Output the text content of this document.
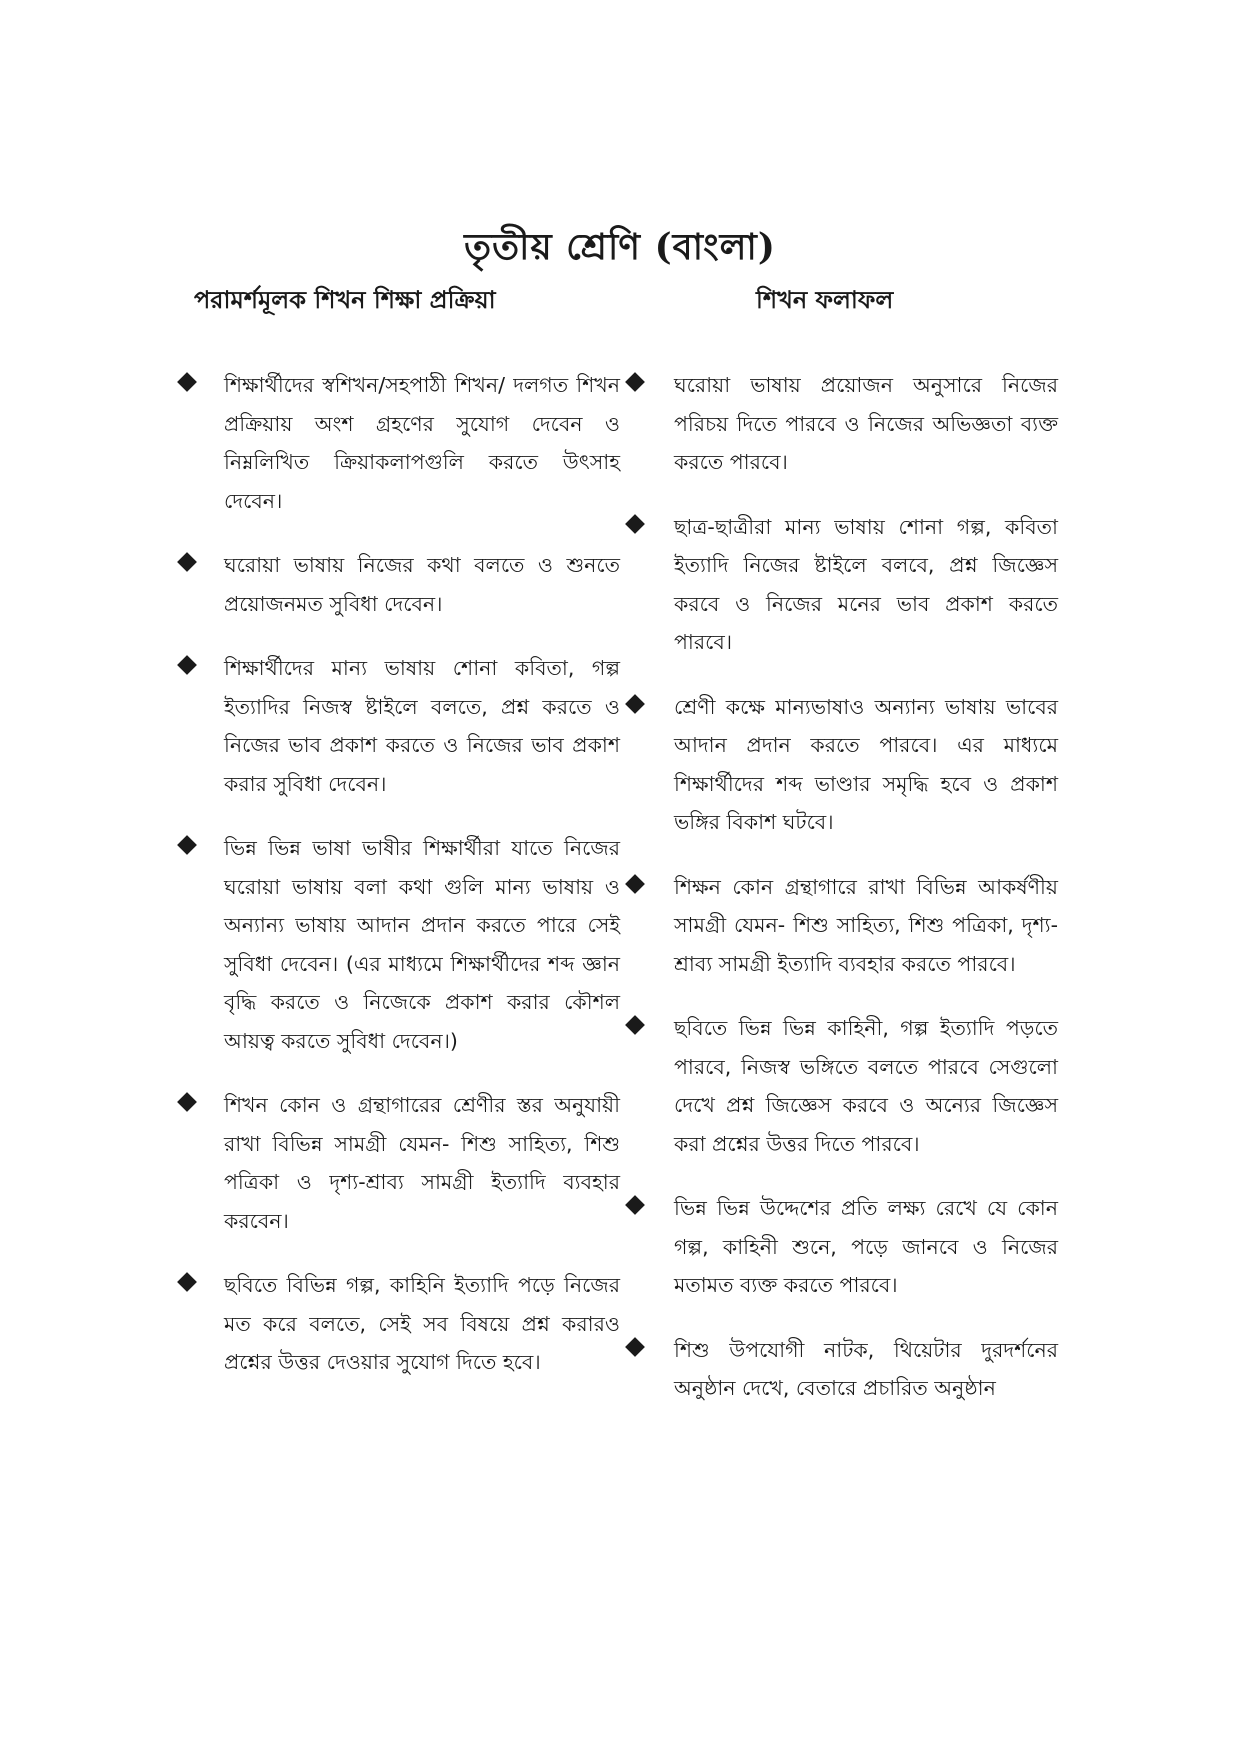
তৃতীয় শ্রেণি (বাংলা)
পরামর্শমূলক শিখন শিক্ষা প্রক্রিয়া
শিক্ষার্থীদের স্বশিখন/সহপাঠী শিখন/ দলগত শিখন প্রক্রিয়ায় অংশ গ্রহণের সুযোগ দেবেন ও নিম্নলিখিত ক্রিয়াকলাপগুলি করতে উৎসাহ দেবেন।
ঘরোয়া ভাষায় নিজের কথা বলতে ও শুনতে প্রয়োজনমত সুবিধা দেবেন।
শিক্ষার্থীদের মান্য ভাষায় শোনা কবিতা, গল্প ইত্যাদির নিজস্ব ষ্টাইলে বলতে, প্রশ্ন করতে ও নিজের ভাব প্রকাশ করতে ও নিজের ভাব প্রকাশ করার সুবিধা দেবেন।
ভিন্ন ভিন্ন ভাষা ভাষীর শিক্ষার্থীরা যাতে নিজের ঘরোয়া ভাষায় বলা কথা গুলি মান্য ভাষায় ও অন্যান্য ভাষায় আদান প্রদান করতে পারে সেই সুবিধা দেবেন। (এর মাধ্যমে শিক্ষার্থীদের শব্দ জ্ঞান বৃদ্ধি করতে ও নিজেকে প্রকাশ করার কৌশল আয়ত্ব করতে সুবিধা দেবেন।)
শিখন কোন ও গ্রন্থাগারের শ্রেণীর স্তর অনুযায়ী রাখা বিভিন্ন সামগ্রী যেমন- শিশু সাহিত্য, শিশু পত্রিকা ও দৃশ্য-শ্রাব্য সামগ্রী ইত্যাদি ব্যবহার করবেন।
ছবিতে বিভিন্ন গল্প, কাহিনি ইত্যাদি পড়ে নিজের মত করে বলতে, সেই সব বিষয়ে প্রশ্ন করারও প্রশ্নের উত্তর দেওয়ার সুযোগ দিতে হবে।
শিখন ফলাফল
ঘরোয়া ভাষায় প্রয়োজন অনুসারে নিজের পরিচয় দিতে পারবে ও নিজের অভিজ্ঞতা ব্যক্ত করতে পারবে।
ছাত্র-ছাত্রীরা মান্য ভাষায় শোনা গল্প, কবিতা ইত্যাদি নিজের ষ্টাইলে বলবে, প্রশ্ন জিজ্ঞেস করবে ও নিজের মনের ভাব প্রকাশ করতে পারবে।
শ্রেণী কক্ষে মান্যভাষাও অন্যান্য ভাষায় ভাবের আদান প্রদান করতে পারবে। এর মাধ্যমে শিক্ষার্থীদের শব্দ ভাণ্ডার সমৃদ্ধি হবে ও প্রকাশ ভঙ্গির বিকাশ ঘটবে।
শিক্ষন কোন গ্রন্থাগারে রাখা বিভিন্ন আকর্ষণীয় সামগ্রী যেমন- শিশু সাহিত্য, শিশু পত্রিকা, দৃশ্য-শ্রাব্য সামগ্রী ইত্যাদি ব্যবহার করতে পারবে।
ছবিতে ভিন্ন ভিন্ন কাহিনী, গল্প ইত্যাদি পড়তে পারবে, নিজস্ব ভঙ্গিতে বলতে পারবে সেগুলো দেখে প্রশ্ন জিজ্ঞেস করবে ও অন্যের জিজ্ঞেস করা প্রশ্নের উত্তর দিতে পারবে।
ভিন্ন ভিন্ন উদ্দেশের প্রতি লক্ষ্য রেখে যে কোন গল্প, কাহিনী শুনে, পড়ে জানবে ও নিজের মতামত ব্যক্ত করতে পারবে।
শিশু উপযোগী নাটক, থিয়েটার দুরদর্শনের অনুষ্ঠান দেখে, বেতারে প্রচারিত অনুষ্ঠান
